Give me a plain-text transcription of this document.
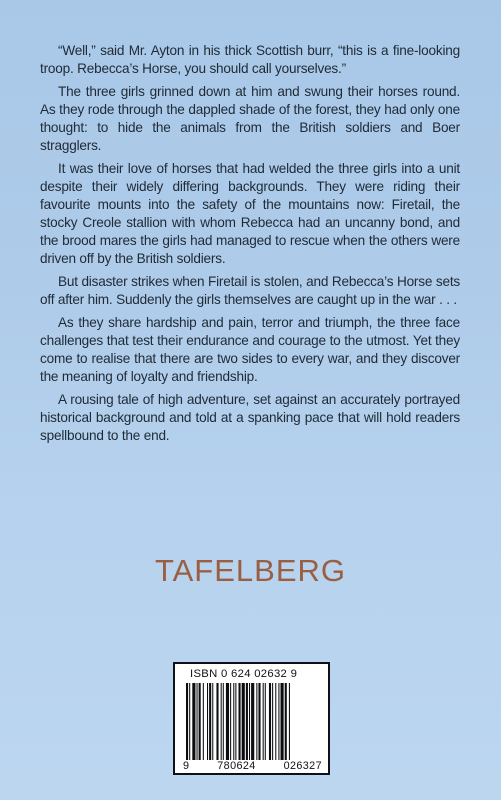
“Well,” said Mr. Ayton in his thick Scottish burr, “this is a fine-looking troop. Rebecca’s Horse, you should call yourselves.”

The three girls grinned down at him and swung their horses round. As they rode through the dappled shade of the forest, they had only one thought: to hide the animals from the British soldiers and Boer stragglers.

It was their love of horses that had welded the three girls into a unit despite their widely differing backgrounds. They were riding their favourite mounts into the safety of the mountains now: Firetail, the stocky Creole stallion with whom Rebecca had an uncanny bond, and the brood mares the girls had managed to rescue when the others were driven off by the British soldiers.

But disaster strikes when Firetail is stolen, and Rebecca’s Horse sets off after him. Suddenly the girls themselves are caught up in the war . . .

As they share hardship and pain, terror and triumph, the three face challenges that test their endurance and courage to the utmost. Yet they come to realise that there are two sides to every war, and they discover the meaning of loyalty and friendship.

A rousing tale of high adventure, set against an accurately portrayed historical background and told at a spanking pace that will hold readers spellbound to the end.

TAFELBERG
ISBN 0 624 02632 9
9	780624	026327
